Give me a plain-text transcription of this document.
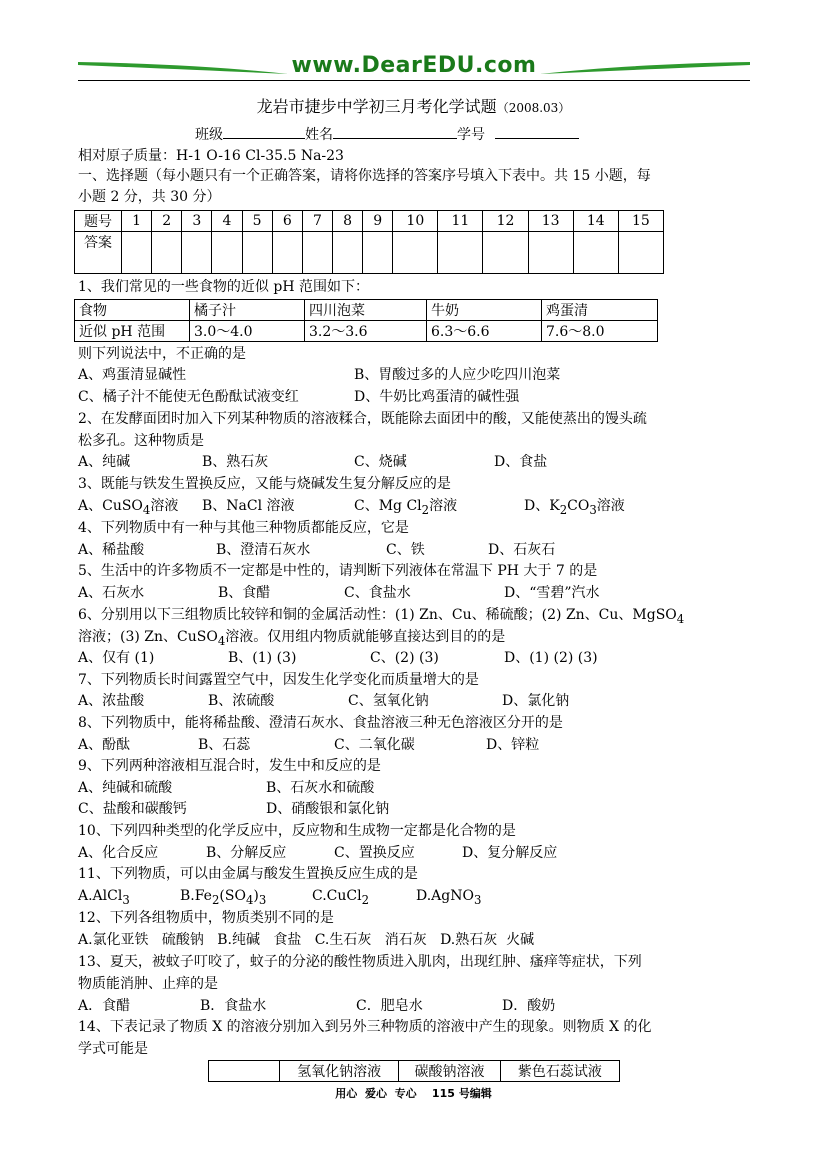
www.DearEDU.com
龙岩市捷步中学初三月考化学试题（2008.03）
班级	姓名	学号
相对原子质量：H-1 O-16 Cl-35.5 Na-23
一、选择题（每小题只有一个正确答案，请将你选择的答案序号填入下表中。共 15 小题，每
小题 2 分，共 30 分）
题号	1	2	3	4	5	6	7	8	9	10	11	12	13	14	15
答案															
1、我们常见的一些食物的近似 pH 范围如下：
食物	橘子汁	四川泡菜	牛奶	鸡蛋清
近似 pH 范围	3.0～4.0	3.2～3.6	6.3～6.6	7.6～8.0
则下列说法中，不正确的是
A、鸡蛋清显碱性	B、胃酸过多的人应少吃四川泡菜
C、橘子汁不能使无色酚酞试液变红	D、牛奶比鸡蛋清的碱性强
2、在发酵面团时加入下列某种物质的溶液糅合，既能除去面团中的酸，又能使蒸出的馒头疏
松多孔。这种物质是
A、纯碱	B、熟石灰	C、烧碱	D、食盐
3、既能与铁发生置换反应，又能与烧碱发生复分解反应的是
A、CuSO$_4$溶液 B、NaCl 溶液	C、Mg $Cl_2$溶液	D、$K_2CO_3$溶液
4、下列物质中有一种与其他三种物质都能反应，它是
A、稀盐酸	B、澄清石灰水	C、铁	D、石灰石
5、生活中的许多物质不一定都是中性的，请判断下列液体在常温下 PH 大于 7 的是
A、石灰水	B、食醋	C、食盐水	D、“雪碧”汽水
6、分别用以下三组物质比较锌和铜的金属活动性：(1) Zn、Cu、稀硫酸；(2) Zn、Cu、MgSO$_4$
溶液；(3) Zn、CuSO$_4$溶液。仅用组内物质就能够直接达到目的的是
A、仅有 (1)	B、(1) (3)	C、(2) (3)	D、(1) (2) (3)
7、下列物质长时间露置空气中，因发生化学变化而质量增大的是
A、浓盐酸	B、浓硫酸	C、氢氧化钠	D、氯化钠
8、下列物质中，能将稀盐酸、澄清石灰水、食盐溶液三种无色溶液区分开的是
A、酚酞	B、石蕊	C、二氧化碳	D、锌粒
9、下列两种溶液相互混合时，发生中和反应的是
A、纯碱和硫酸	B、石灰水和硫酸
C、盐酸和碳酸钙	D、硝酸银和氯化钠
10、下列四种类型的化学反应中，反应物和生成物一定都是化合物的是
A、化合反应	B、分解反应	C、置换反应	D、复分解反应
11、下列物质，可以由金属与酸发生置换反应生成的是
A.AlCl$_3$	$B.Fe_2(SO_4)_3$	C.CuCl$_2$	D.AgNO$_3$
12、下列各组物质中，物质类别不同的是
A.氯化亚铁   硫酸钠   B.纯碱   食盐   C.生石灰   消石灰   D.熟石灰  火碱
13、夏天，被蚊子叮咬了，蚊子的分泌的酸性物质进入肌肉，出现红肿、瘙痒等症状，下列
物质能消肿、止痒的是
A．食醋	B．食盐水	C．肥皂水	D．酸奶
14、下表记录了物质 X 的溶液分别加入到另外三种物质的溶液中产生的现象。则物质 X 的化
学式可能是
	氢氧化钠溶液	碳酸钠溶液	紫色石蕊试液
用心  爱心  专心    115 号编辑
